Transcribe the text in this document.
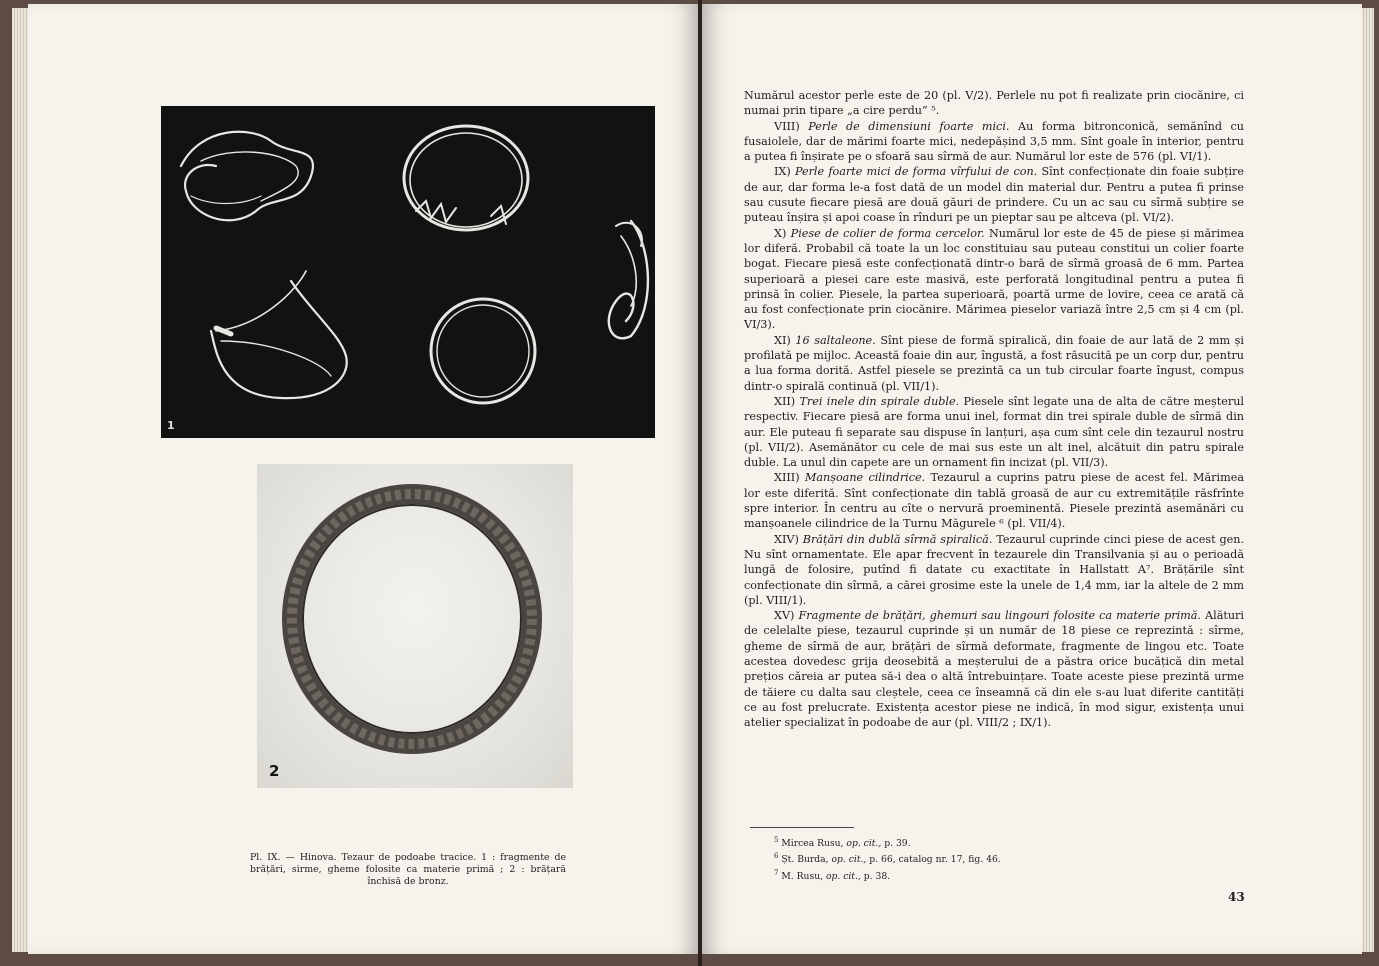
1
2
Pl. IX. — Hinova. Tezaur de podoabe tracice. 1 : fragmente de brățări, sirme, gheme folosite ca materie primă ; 2 : brățară închisă de bronz.

Numărul acestor perle este de 20 (pl. V/2). Perlele nu pot fi realizate prin ciocănire, ci numai prin tipare „a cire perdu” ⁵.

VIII) Perle de dimensiuni foarte mici. Au forma bitronconică, semănînd cu fusaiolele, dar de mărimi foarte mici, nedepășind 3,5 mm. Sînt goale în interior, pentru a putea fi înșirate pe o sfoară sau sîrmă de aur. Numărul lor este de 576 (pl. VI/1).

IX) Perle foarte mici de forma vîrfului de con. Sînt confecționate din foaie subțire de aur, dar forma le-a fost dată de un model din material dur. Pentru a putea fi prinse sau cusute fiecare piesă are două găuri de prindere. Cu un ac sau cu sîrmă subțire se puteau înșira și apoi coase în rînduri pe un pieptar sau pe altceva (pl. VI/2).

X) Piese de colier de forma cercelor. Numărul lor este de 45 de piese și mărimea lor diferă. Probabil că toate la un loc constituiau sau puteau constitui un colier foarte bogat. Fiecare piesă este confecționată dintr-o bară de sîrmă groasă de 6 mm. Partea superioară a piesei care este masivă, este perforată longitudinal pentru a putea fi prinsă în colier. Piesele, la partea superioară, poartă urme de lovire, ceea ce arată că au fost confecționate prin ciocănire. Mărimea pieselor variază între 2,5 cm și 4 cm (pl. VI/3).

XI) 16 saltaleone. Sînt piese de formă spiralică, din foaie de aur lată de 2 mm și profilată pe mijloc. Această foaie din aur, îngustă, a fost răsucită pe un corp dur, pentru a lua forma dorită. Astfel piesele se prezintă ca un tub circular foarte îngust, compus dintr-o spirală continuă (pl. VII/1).

XII) Trei inele din spirale duble. Piesele sînt legate una de alta de către meșterul respectiv. Fiecare piesă are forma unui inel, format din trei spirale duble de sîrmă din aur. Ele puteau fi separate sau dispuse în lanțuri, așa cum sînt cele din tezaurul nostru (pl. VII/2). Asemănător cu cele de mai sus este un alt inel, alcătuit din patru spirale duble. La unul din capete are un ornament fin incizat (pl. VII/3).

XIII) Manșoane cilindrice. Tezaurul a cuprins patru piese de acest fel. Mărimea lor este diferită. Sînt confecționate din tablă groasă de aur cu extremitățile răsfrînte spre interior. În centru au cîte o nervură proeminentă. Piesele prezintă asemănări cu manșoanele cilindrice de la Turnu Măgurele ⁶ (pl. VII/4).

XIV) Brățări din dublă sîrmă spiralică. Tezaurul cuprinde cinci piese de acest gen. Nu sînt ornamentate. Ele apar frecvent în tezaurele din Transilvania și au o perioadă lungă de folosire, putînd fi datate cu exactitate în Hallstatt A⁷. Brățările sînt confecționate din sîrmă, a cărei grosime este la unele de 1,4 mm, iar la altele de 2 mm (pl. VIII/1).

XV) Fragmente de brățări, ghemuri sau lingouri folosite ca materie primă. Alături de celelalte piese, tezaurul cuprinde și un număr de 18 piese ce reprezintă : sîrme, gheme de sîrmă de aur, brățări de sîrmă deformate, fragmente de lingou etc. Toate acestea dovedesc grija deosebită a meșterului de a păstra orice bucățică din metal prețios căreia ar putea să-i dea o altă întrebuințare. Toate aceste piese prezintă urme de tăiere cu dalta sau cleștele, ceea ce înseamnă că din ele s-au luat diferite cantități ce au fost prelucrate. Existența acestor piese ne indică, în mod sigur, existența unui atelier specializat în podoabe de aur (pl. VIII/2 ; IX/1).

$^5$ Mircea Rusu, op. cit., p. 39.
$^6$ Șt. Burda, op. cit., p. 66, catalog nr. 17, fig. 46.
$^7$ M. Rusu, op. cit., p. 38.
43
